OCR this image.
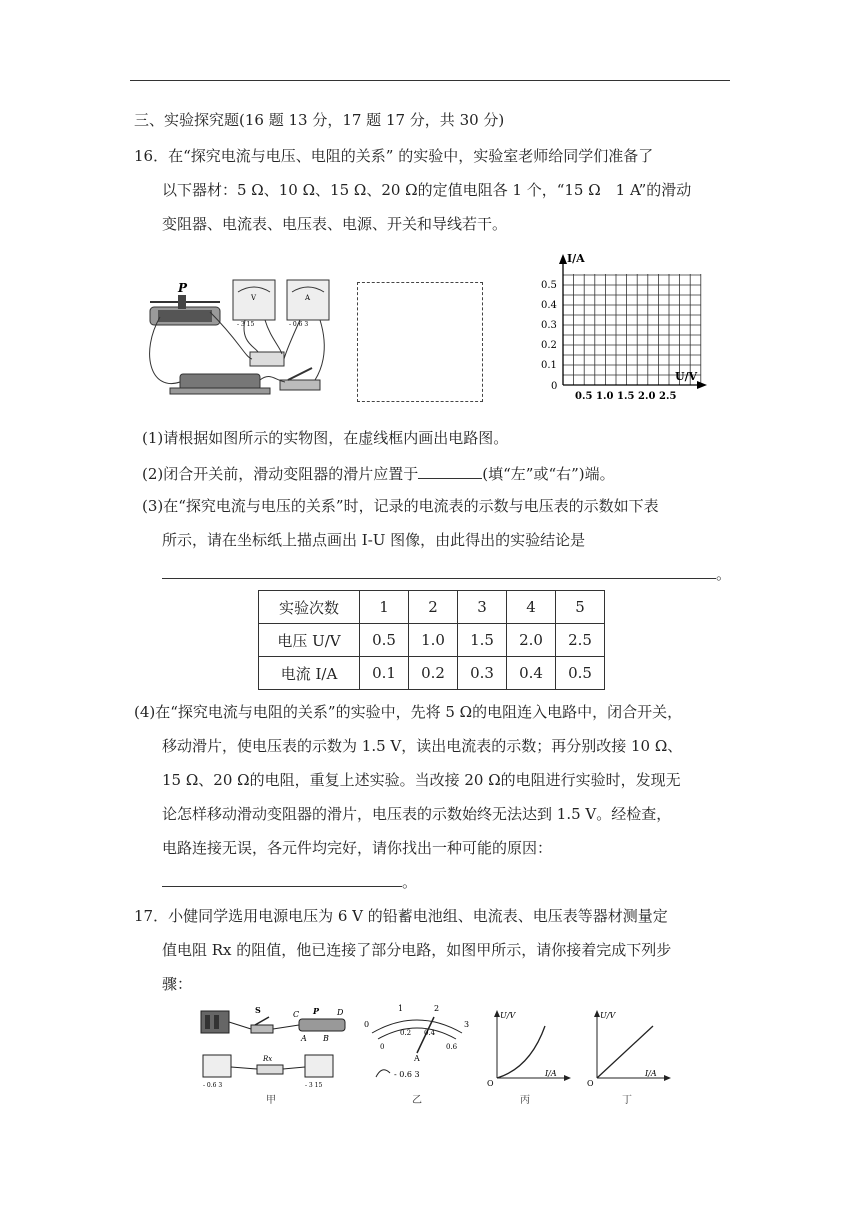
三、实验探究题(16 题 13 分，17 题 17 分，共 30 分)
16．在“探究电流与电压、电阻的关系” 的实验中，实验室老师给同学们准备了
以下器材：5 Ω、10 Ω、15 Ω、20 Ω的定值电阻各 1 个，“15 Ω　1 A”的滑动
变阻器、电流表、电压表、电源、开关和导线若干。
P
V
- 3 15
A
- 0.6 3
I/A
U/V
0
0.5
0.4
0.3
0.2
0.1
0.5 1.0 1.5 2.0 2.5
(1)请根据如图所示的实物图，在虚线框内画出电路图。
(2)闭合开关前，滑动变阻器的滑片应置于	(填“左”或“右”)端。
(3)在“探究电流与电压的关系”时，记录的电流表的示数与电压表的示数如下表
所示，请在坐标纸上描点画出 I-U 图像，由此得出的实验结论是
。
实验次数	1	2	3	4	5
电压 U/V	0.5	1.0	1.5	2.0	2.5
电流 I/A	0.1	0.2	0.3	0.4	0.5
(4)在“探究电流与电阻的关系”的实验中，先将 5 Ω的电阻连入电路中，闭合开关，
移动滑片，使电压表的示数为 1.5 V，读出电流表的示数；再分别改接 10 Ω、
15 Ω、20 Ω的电阻，重复上述实验。当改接 20 Ω的电阻进行实验时，发现无
论怎样移动滑动变阻器的滑片，电压表的示数始终无法达到 1.5 V。经检查，
电路连接无误，各元件均完好，请你找出一种可能的原因：
。
17．小健同学选用电源电压为 6 V 的铅蓄电池组、电流表、电压表等器材测量定
值电阻 Rx 的阻值，他已连接了部分电路，如图甲所示，请你接着完成下列步
骤：
S	P
C	D
A B
- 0.6 3
Rx
- 3 15
甲
0
1	2
3
0
0.2 0.4
0.6
A
- 0.6 3
乙
U/V
I/A
O
丙
U/V
I/A
O
丁
